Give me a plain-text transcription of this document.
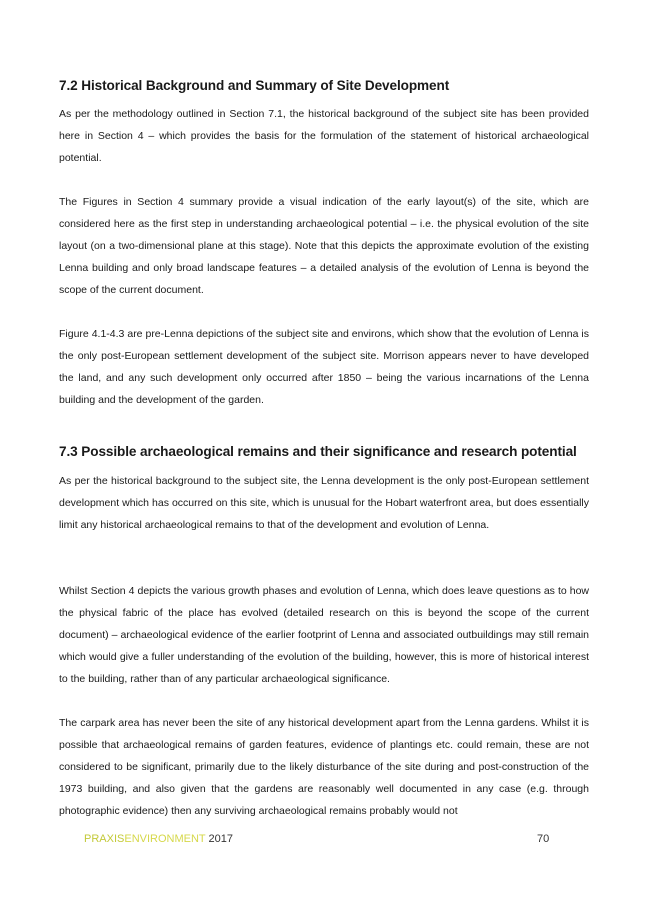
7.2 Historical Background and Summary of Site Development

As per the methodology outlined in Section 7.1, the historical background of the subject site has been provided here in Section 4 – which provides the basis for the formulation of the statement of historical archaeological potential.

The Figures in Section 4 summary provide a visual indication of the early layout(s) of the site, which are considered here as the first step in understanding archaeological potential – i.e. the physical evolution of the site layout (on a two-dimensional plane at this stage). Note that this depicts the approximate evolution of the existing Lenna building and only broad landscape features – a detailed analysis of the evolution of Lenna is beyond the scope of the current document.

Figure 4.1-4.3 are pre-Lenna depictions of the subject site and environs, which show that the evolution of Lenna is the only post-European settlement development of the subject site. Morrison appears never to have developed the land, and any such development only occurred after 1850 – being the various incarnations of the Lenna building and the development of the garden.

7.3 Possible archaeological remains and their significance and research potential

As per the historical background to the subject site, the Lenna development is the only post-European settlement development which has occurred on this site, which is unusual for the Hobart waterfront area, but does essentially limit any historical archaeological remains to that of the development and evolution of Lenna.

Whilst Section 4 depicts the various growth phases and evolution of Lenna, which does leave questions as to how the physical fabric of the place has evolved (detailed research on this is beyond the scope of the current document) – archaeological evidence of the earlier footprint of Lenna and associated outbuildings may still remain which would give a fuller understanding of the evolution of the building, however, this is more of historical interest to the building, rather than of any particular archaeological significance.

The carpark area has never been the site of any historical development apart from the Lenna gardens. Whilst it is possible that archaeological remains of garden features, evidence of plantings etc. could remain, these are not considered to be significant, primarily due to the likely disturbance of the site during and post-construction of the 1973 building, and also given that the gardens are reasonably well documented in any case (e.g. through photographic evidence) then any surviving archaeological remains probably would not

PRAXISENVIRONMENT 2017	70
